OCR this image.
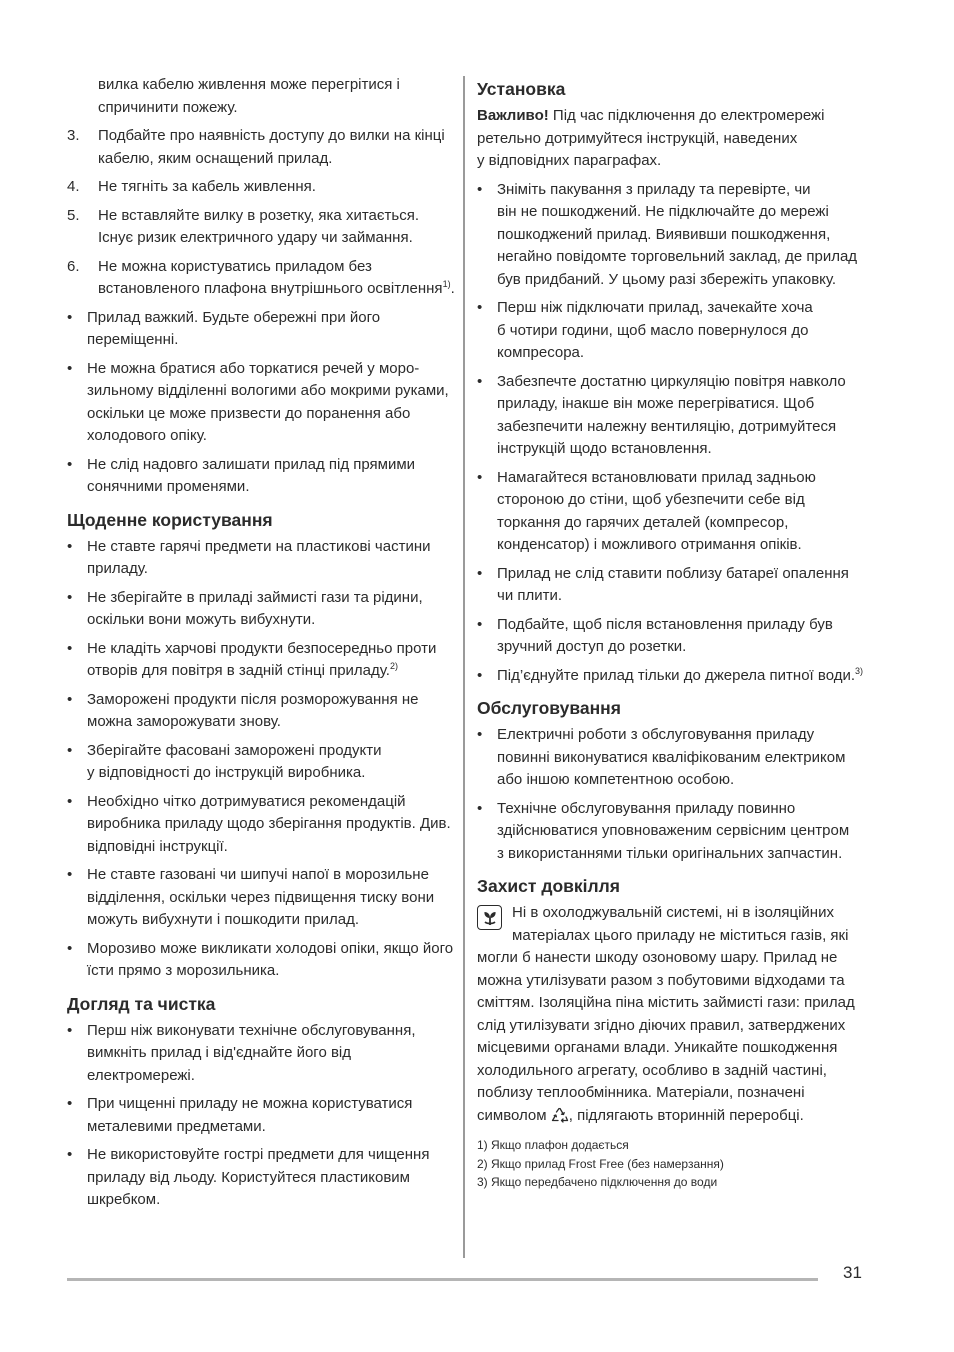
вилка кабелю живлення може перегрітися і
спричинити пожежу.
3.	Подбайте про наявність доступу до вилки на кінці
кабелю, яким оснащений прилад.
4.	Не тягніть за кабель живлення.
5.	Не вставляйте вилку в розетку, яка хитається.
Існує ризик електричного удару чи займання.
6.	Не можна користуватись приладом без
встановленого плафона внутрішнього освітлення$^{1)}$.
• Прилад важкий. Будьте обережні при його
переміщенні.
• Не можна братися або торкатися речей у моро-
зильному відділенні вологими або мокрими руками,
оскільки це може призвести до поранення або
холодового опіку.
• Не слід надовго залишати прилад під прямими
сонячними променями.
Щоденне користування
• Не ставте гарячі предмети на пластикові частини
приладу.
• Не зберігайте в приладі займисті гази та рідини,
оскільки вони можуть вибухнути.
• Не кладіть харчові продукти безпосередньо проти
отворів для повітря в задній стінці приладу.$^{2)}$
• Заморожені продукти після розморожування не
можна заморожувати знову.
• Зберігайте фасовані заморожені продукти
у відповідності до інструкцій виробника.
• Необхідно чітко дотримуватися рекомендацій
виробника приладу щодо зберігання продуктів. Див.
відповідні інструкції.
• Не ставте газовані чи шипучі напої в морозильне
відділення, оскільки через підвищення тиску вони
можуть вибухнути і пошкодити прилад.
• Морозиво може викликати холодові опіки, якщо його
їсти прямо з морозильника.
Догляд та чистка
• Перш ніж виконувати технічне обслуговування,
вимкніть прилад і від'єднайте його від
електромережі.
• При чищенні приладу не можна користуватися
металевими предметами.
• Не використовуйте гострі предмети для чищення
приладу від льоду. Користуйтеся пластиковим
шкребком.
Установка
Важливо! Під час підключення до електромережі
ретельно дотримуйтеся інструкцій, наведених
у відповідних параграфах.
• Зніміть пакування з приладу та перевірте, чи
він не пошкоджений. Не підключайте до мережі
пошкоджений прилад. Виявивши пошкодження,
негайно повідомте торговельний заклад, де прилад
був придбаний. У цьому разі збережіть упаковку.
• Перш ніж підключати прилад, зачекайте хоча
б чотири години, щоб масло повернулося до
компресора.
• Забезпечте достатню циркуляцію повітря навколо
приладу, інакше він може перегріватися. Щоб
забезпечити належну вентиляцію, дотримуйтеся
інструкцій щодо встановлення.
• Намагайтеся встановлювати прилад задньою
стороною до стіни, щоб убезпечити себе від
торкання до гарячих деталей (компресор,
конденсатор) і можливого отримання опіків.
• Прилад не слід ставити поблизу батареї опалення
чи плити.
• Подбайте, щоб після встановлення приладу був
зручний доступ до розетки.
• Під’єднуйте прилад тільки до джерела питної води.$^{3)}$
Обслуговування
• Електричні роботи з обслуговування приладу
повинні виконуватися кваліфікованим електриком
або іншою компетентною особою.
• Технічне обслуговування приладу повинно
здійснюватися уповноваженим сервісним центром
з використаннями тільки оригінальних запчастин.
Захист довкілля
Ні в охолоджувальній системі, ні в ізоляційних
матеріалах цього приладу не міститься газів, які
могли б нанести шкоду озоновому шару. Прилад не
можна утилізувати разом з побутовими відходами та
сміттям. Ізоляційна піна містить займисті гази: прилад
слід утилізувати згідно діючих правил, затверджених
місцевими органами влади. Уникайте пошкодження
холодильного агрегату, особливо в задній частині,
поблизу теплообмінника. Матеріали, позначені
символом , підлягають вторинній переробці.
1) Якщо плафон додається
2) Якщо прилад Frost Free (без намерзання)
3) Якщо передбачено підключення до води
31
